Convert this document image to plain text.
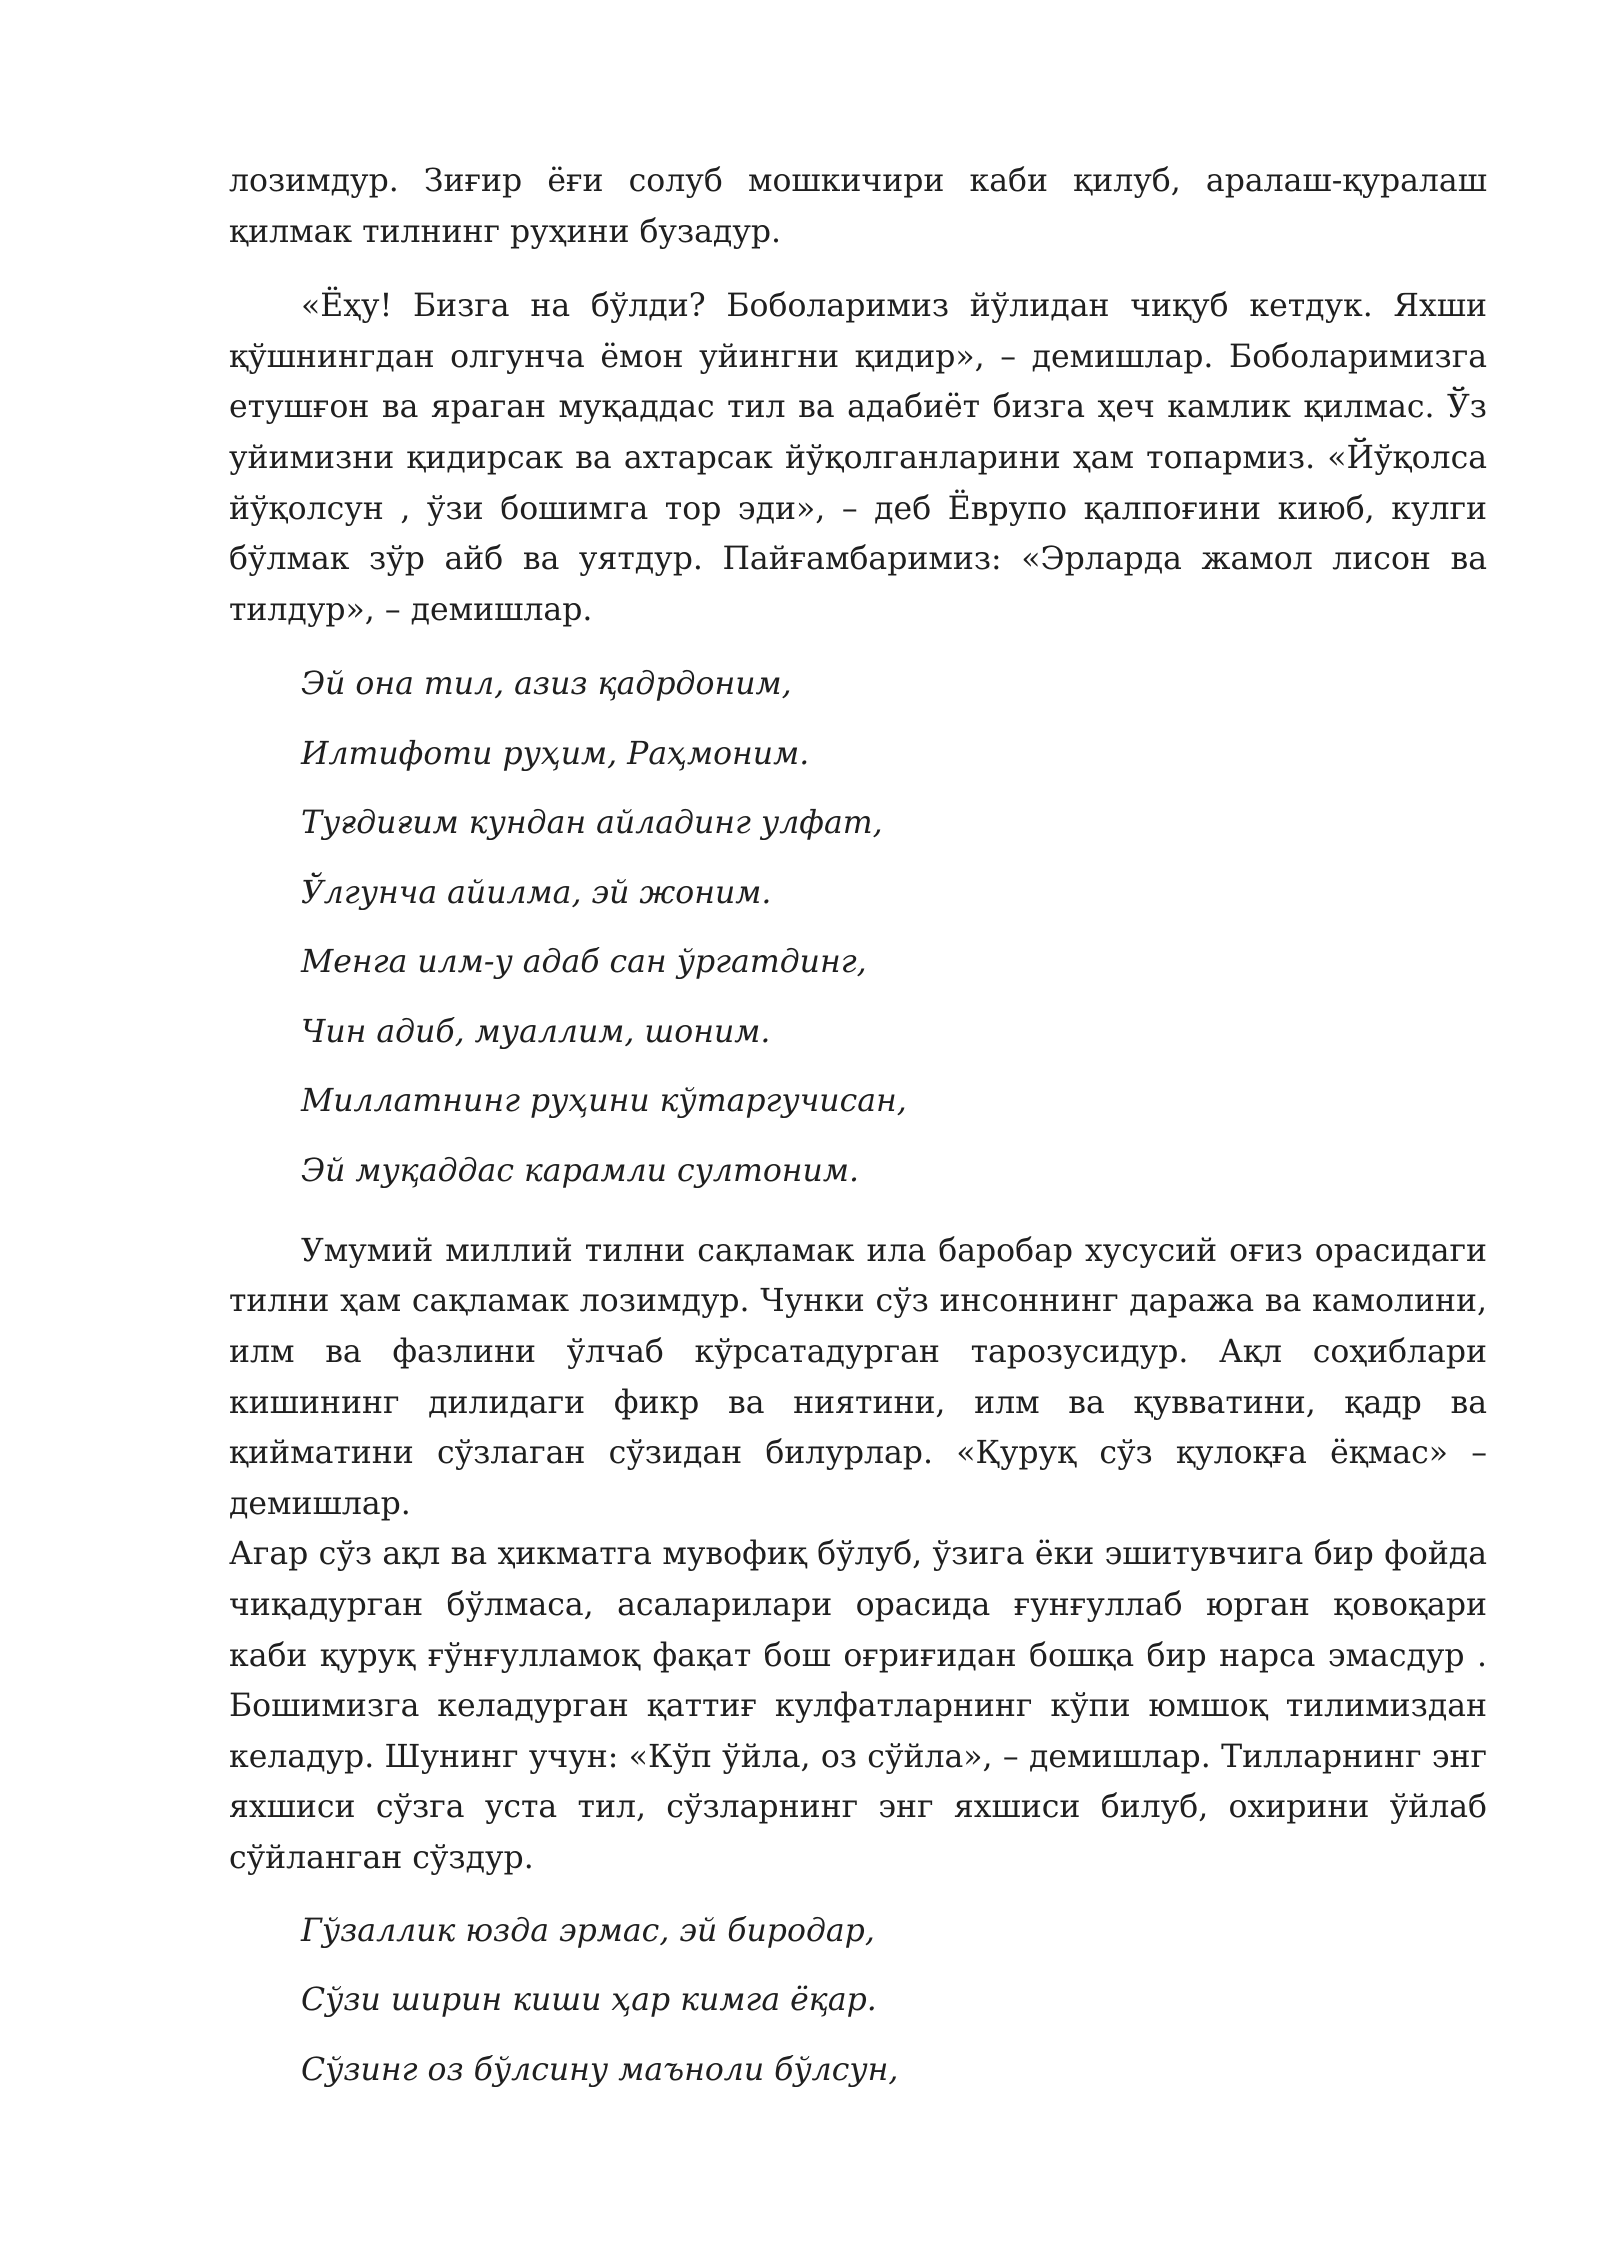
лозимдур. Зиғир ёғи солуб мошкичири каби қилуб, аралаш-қуралаш қилмак тилнинг руҳини бузадур.

«Ёҳу! Бизга на бўлди? Боболаримиз йўлидан чиқуб кетдук. Яхши қўшнингдан олгунча ёмон уйингни қидир», – демишлар. Боболаримизга етушғон ва яраган муқаддас тил ва адабиёт бизга ҳеч камлик қилмас. Ўз уйимизни қидирсак ва ахтарсак йўқолганларини ҳам топармиз. «Йўқолса йўқолсун , ўзи бошимга тор эди», – деб Ёврупо қалпоғини киюб, кулги бўлмак зўр айб ва уятдур. Пайғамбаримиз: «Эрларда жамол лисон ва тилдур», – демишлар.

Эй она тил, азиз қадрдоним,

Илтифоти руҳим, Раҳмоним.

Туғдиғим кундан айладинг улфат,

Ўлгунча айилма, эй жоним.

Менга илм-у адаб сан ўргатдинг,

Чин адиб, муаллим, шоним.

Миллатнинг руҳини кўтаргучисан,

Эй муқаддас карамли султоним.

Умумий миллий тилни сақламак ила баробар хусусий оғиз орасидаги тилни ҳам сақламак лозимдур. Чунки сўз инсоннинг даража ва камолини, илм ва фазлини ўлчаб кўрсатадурган тарозусидур. Ақл соҳиблари кишининг дилидаги фикр ва ниятини, илм ва қувватини, қадр ва қийматини сўзлаган сўзидан билурлар. «Қуруқ сўз қулоқға ёқмас» – демишлар.

Агар сўз ақл ва ҳикматга мувофиқ бўлуб, ўзига ёки эшитувчига бир фойда чиқадурган бўлмаса, асаларилари орасида ғунғуллаб юрган қовоқари каби қуруқ ғўнғулламоқ фақат бош оғриғидан бошқа бир нарса эмасдур . Бошимизга келадурган қаттиғ кулфатларнинг кўпи юмшоқ тилимиздан келадур. Шунинг учун: «Кўп ўйла, оз сўйла», – демишлар. Тилларнинг энг яхшиси сўзга уста тил, сўзларнинг энг яхшиси билуб, охирини ўйлаб сўйланган сўздур.

Гўзаллик юзда эрмас, эй биродар,

Сўзи ширин киши ҳар кимга ёқар.

Сўзинг оз бўлсину маъноли бўлсун,
